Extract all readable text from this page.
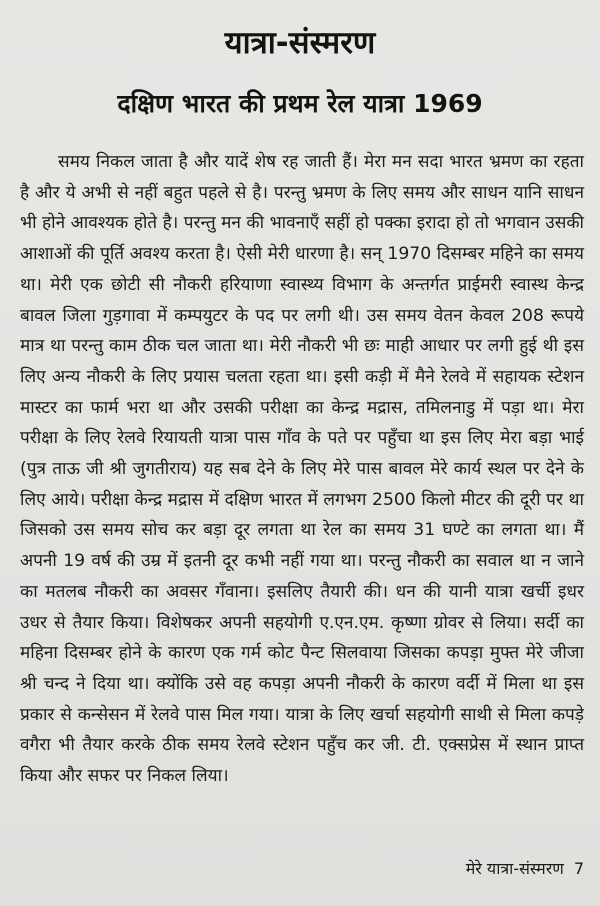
यात्रा-संस्मरण
दक्षिण भारत की प्रथम रेल यात्रा 1969

समय निकल जाता है और यादें शेष रह जाती हैं। मेरा मन सदा भारत भ्रमण का रहता है और ये अभी से नहीं बहुत पहले से है। परन्तु भ्रमण के लिए समय और साधन यानि साधन भी होने आवश्यक होते है। परन्तु मन की भावनाएँ सहीं हो पक्का इरादा हो तो भगवान उसकी आशाओं की पूर्ति अवश्य करता है। ऐसी मेरी धारणा है। सन् 1970 दिसम्बर महिने का समय था। मेरी एक छोटी सी नौकरी हरियाणा स्वास्थ्य विभाग के अन्तर्गत प्राईमरी स्वास्थ केन्द्र बावल जिला गुड़गावा में कम्पयुटर के पद पर लगी थी। उस समय वेतन केवल 208 रूपये मात्र था परन्तु काम ठीक चल जाता था। मेरी नौकरी भी छः माही आधार पर लगी हुई थी इस लिए अन्य नौकरी के लिए प्रयास चलता रहता था। इसी कड़ी में मैने रेलवे में सहायक स्टेशन मास्टर का फार्म भरा था और उसकी परीक्षा का केन्द्र मद्रास, तमिलनाडु में पड़ा था। मेरा परीक्षा के लिए रेलवे रियायती यात्रा पास गाँव के पते पर पहुँचा था इस लिए मेरा बड़ा भाई (पुत्र ताऊ जी श्री जुगतीराय) यह सब देने के लिए मेरे पास बावल मेरे कार्य स्थल पर देने के लिए आये। परीक्षा केन्द्र मद्रास में दक्षिण भारत में लगभग 2500 किलो मीटर की दूरी पर था जिसको उस समय सोच कर बड़ा दूर लगता था रेल का समय 31 घण्टे का लगता था। मैं अपनी 19 वर्ष की उम्र में इतनी दूर कभी नहीं गया था। परन्तु नौकरी का सवाल था न जाने का मतलब नौकरी का अवसर गँवाना। इसलिए तैयारी की। धन की यानी यात्रा खर्ची इधर उधर से तैयार किया। विशेषकर अपनी सहयोगी ए.एन.एम. कृष्णा ग्रोवर से लिया। सर्दी का महिना दिसम्बर होने के कारण एक गर्म कोट पैन्ट सिलवाया जिसका कपड़ा मुफ्त मेरे जीजा श्री चन्द ने दिया था। क्योंकि उसे वह कपड़ा अपनी नौकरी के कारण वर्दी में मिला था इस प्रकार से कन्सेसन में रेलवे पास मिल गया। यात्रा के लिए खर्चा सहयोगी साथी से मिला कपड़े वगैरा भी तैयार करके ठीक समय रेलवे स्टेशन पहुँच कर जी. टी. एक्सप्रेस में स्थान प्राप्त किया और सफर पर निकल लिया।

मेरे यात्रा-संस्मरण 7
